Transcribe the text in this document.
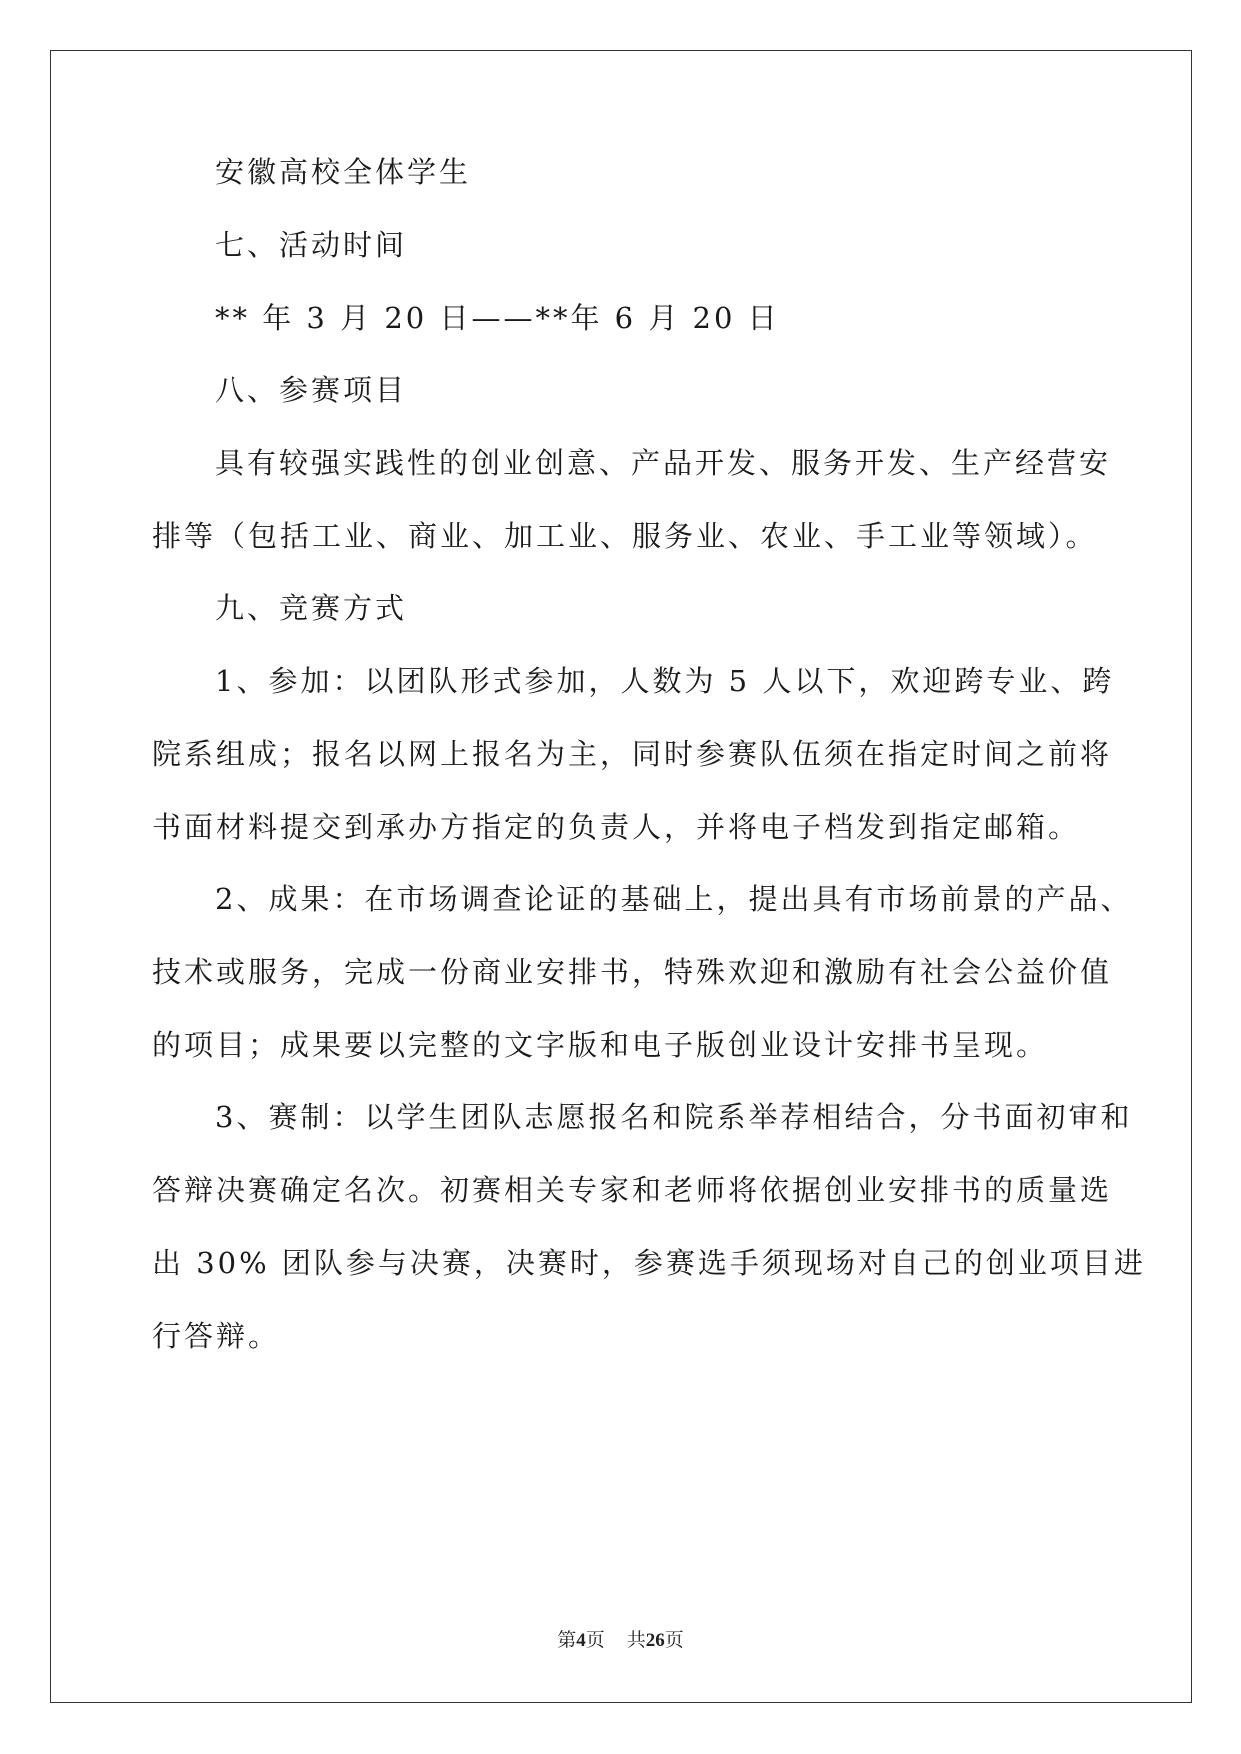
安徽高校全体学生
七、活动时间
** 年 3 月 20 日——**年 6 月 20 日
八、参赛项目
具有较强实践性的创业创意、产品开发、服务开发、生产经营安
排等（包括工业、商业、加工业、服务业、农业、手工业等领域）。
九、竞赛方式
1、参加：以团队形式参加，人数为 5 人以下，欢迎跨专业、跨
院系组成；报名以网上报名为主，同时参赛队伍须在指定时间之前将
书面材料提交到承办方指定的负责人，并将电子档发到指定邮箱。
2、成果：在市场调查论证的基础上，提出具有市场前景的产品、
技术或服务，完成一份商业安排书，特殊欢迎和激励有社会公益价值
的项目；成果要以完整的文字版和电子版创业设计安排书呈现。
3、赛制：以学生团队志愿报名和院系举荐相结合，分书面初审和
答辩决赛确定名次。初赛相关专家和老师将依据创业安排书的质量选
出 30% 团队参与决赛，决赛时，参赛选手须现场对自己的创业项目进
行答辩。
第4页 共26页
